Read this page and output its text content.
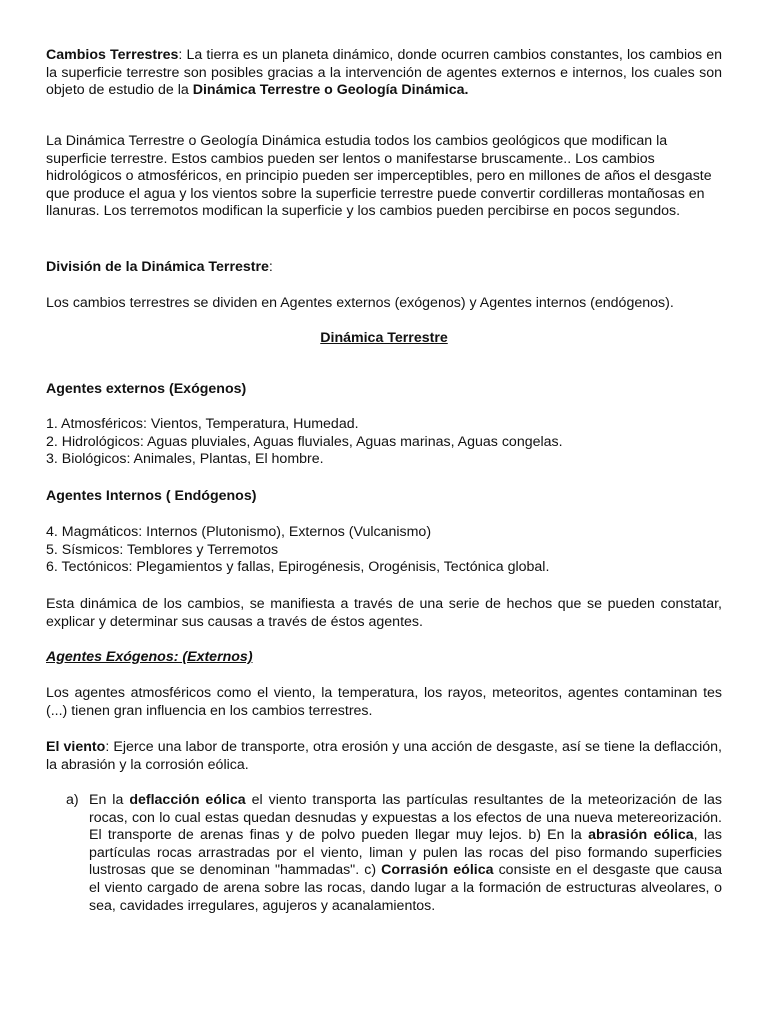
Cambios Terrestres: La tierra es un planeta dinámico, donde ocurren cambios constantes, los cambios en la superficie terrestre son posibles gracias a la intervención de agentes externos e internos, los cuales son objeto de estudio de la Dinámica Terrestre o Geología Dinámica.

La Dinámica Terrestre o Geología Dinámica estudia todos los cambios geológicos que modifican la superficie terrestre. Estos cambios pueden ser lentos o manifestarse bruscamente.. Los cambios hidrológicos o atmosféricos, en principio pueden ser imperceptibles, pero en millones de años el desgaste que produce el agua y los vientos sobre la superficie terrestre puede convertir cordilleras montañosas en llanuras. Los terremotos modifican la superficie y los cambios pueden percibirse en pocos segundos.

División de la Dinámica Terrestre:

Los cambios terrestres se dividen en Agentes externos (exógenos) y Agentes internos (endógenos).

Dinámica Terrestre

Agentes externos (Exógenos)

1. Atmosféricos: Vientos, Temperatura, Humedad.
2. Hidrológicos: Aguas pluviales, Aguas fluviales, Aguas marinas, Aguas congelas.
3. Biológicos: Animales, Plantas, El hombre.

Agentes Internos ( Endógenos)

4. Magmáticos: Internos (Plutonismo), Externos (Vulcanismo)
5. Sísmicos: Temblores y Terremotos
6. Tectónicos: Plegamientos y fallas, Epirogénesis, Orogénisis, Tectónica global.

Esta dinámica de los cambios, se manifiesta a través de una serie de hechos que se pueden constatar, explicar y determinar sus causas a través de éstos agentes.

Agentes Exógenos: (Externos)

Los agentes atmosféricos como el viento, la temperatura, los rayos, meteoritos, agentes contaminan tes (...) tienen gran influencia en los cambios terrestres.

El viento: Ejerce una labor de transporte, otra erosión y una acción de desgaste, así se tiene la deflacción, la abrasión y la corrosión eólica.

a) En la deflacción eólica el viento transporta las partículas resultantes de la meteorización de las rocas, con lo cual estas quedan desnudas y expuestas a los efectos de una nueva metereorización. El transporte de arenas finas y de polvo pueden llegar muy lejos. b) En la abrasión eólica, las partículas rocas arrastradas por el viento, liman y pulen las rocas del piso formando superficies lustrosas que se denominan "hammadas". c) Corrasión eólica consiste en el desgaste que causa el viento cargado de arena sobre las rocas, dando lugar a la formación de estructuras alveolares, o sea, cavidades irregulares, agujeros y acanalamientos.
